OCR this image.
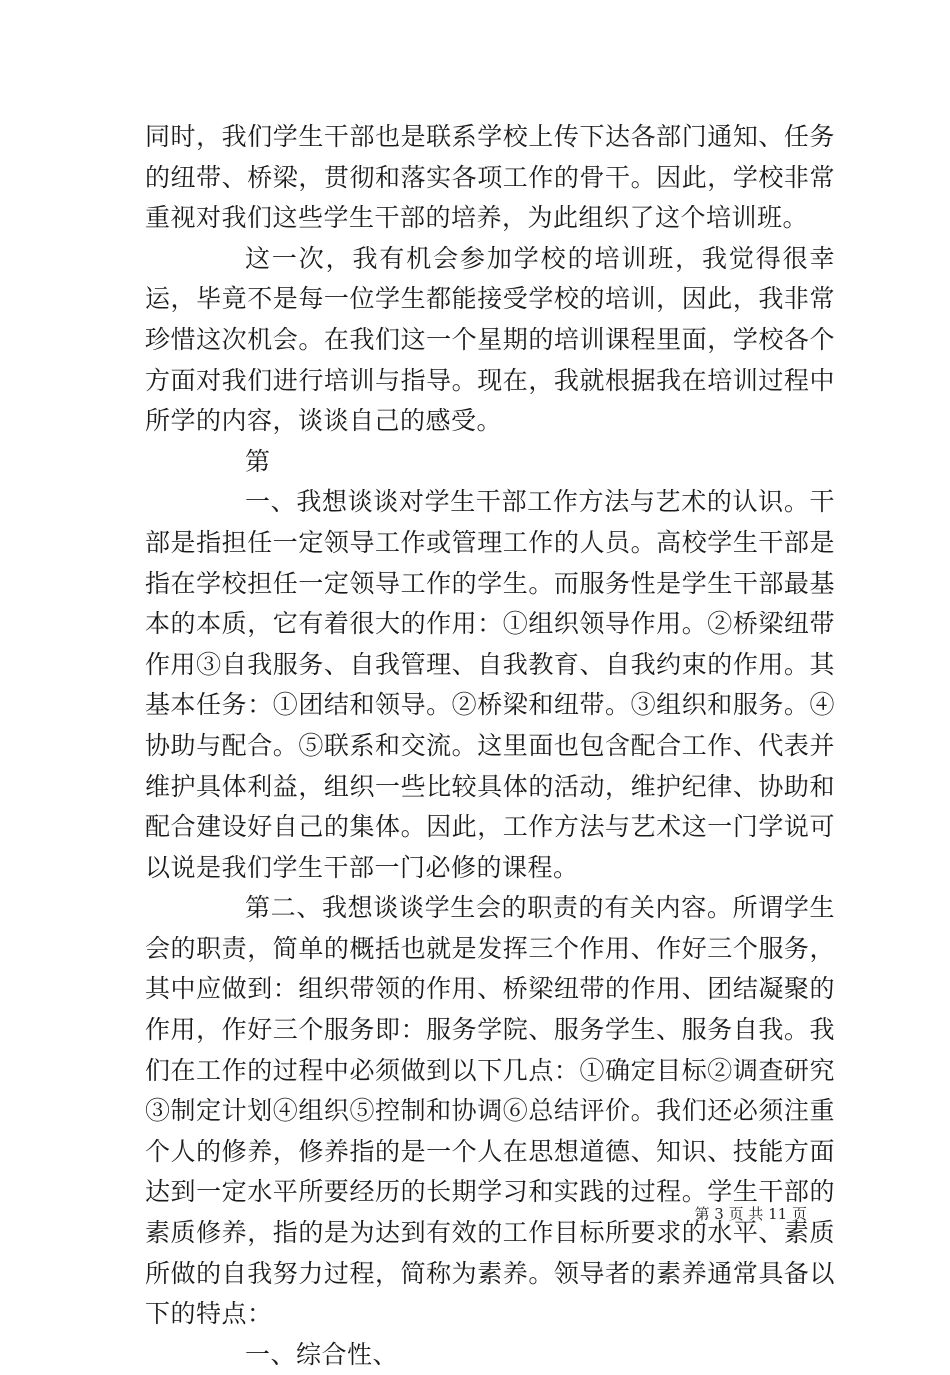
同时，我们学生干部也是联系学校上传下达各部门通知、任务的纽带、桥梁，贯彻和落实各项工作的骨干。因此，学校非常重视对我们这些学生干部的培养，为此组织了这个培训班。

这一次，我有机会参加学校的培训班，我觉得很幸运，毕竟不是每一位学生都能接受学校的培训，因此，我非常珍惜这次机会。在我们这一个星期的培训课程里面，学校各个方面对我们进行培训与指导。现在，我就根据我在培训过程中所学的内容，谈谈自己的感受。

第

一、我想谈谈对学生干部工作方法与艺术的认识。干部是指担任一定领导工作或管理工作的人员。高校学生干部是指在学校担任一定领导工作的学生。而服务性是学生干部最基本的本质，它有着很大的作用：①组织领导作用。②桥梁纽带作用③自我服务、自我管理、自我教育、自我约束的作用。其基本任务：①团结和领导。②桥梁和纽带。③组织和服务。④协助与配合。⑤联系和交流。这里面也包含配合工作、代表并维护具体利益，组织一些比较具体的活动，维护纪律、协助和配合建设好自己的集体。因此，工作方法与艺术这一门学说可以说是我们学生干部一门必修的课程。

第二、我想谈谈学生会的职责的有关内容。所谓学生会的职责，简单的概括也就是发挥三个作用、作好三个服务，其中应做到：组织带领的作用、桥梁纽带的作用、团结凝聚的作用，作好三个服务即：服务学院、服务学生、服务自我。我们在工作的过程中必须做到以下几点：①确定目标②调查研究③制定计划④组织⑤控制和协调⑥总结评价。我们还必须注重个人的修养，修养指的是一个人在思想道德、知识、技能方面达到一定水平所要经历的长期学习和实践的过程。学生干部的素质修养，指的是为达到有效的工作目标所要求的水平、素质所做的自我努力过程，简称为素养。领导者的素养通常具备以下的特点：

一、综合性、

第 3 页 共 11 页
